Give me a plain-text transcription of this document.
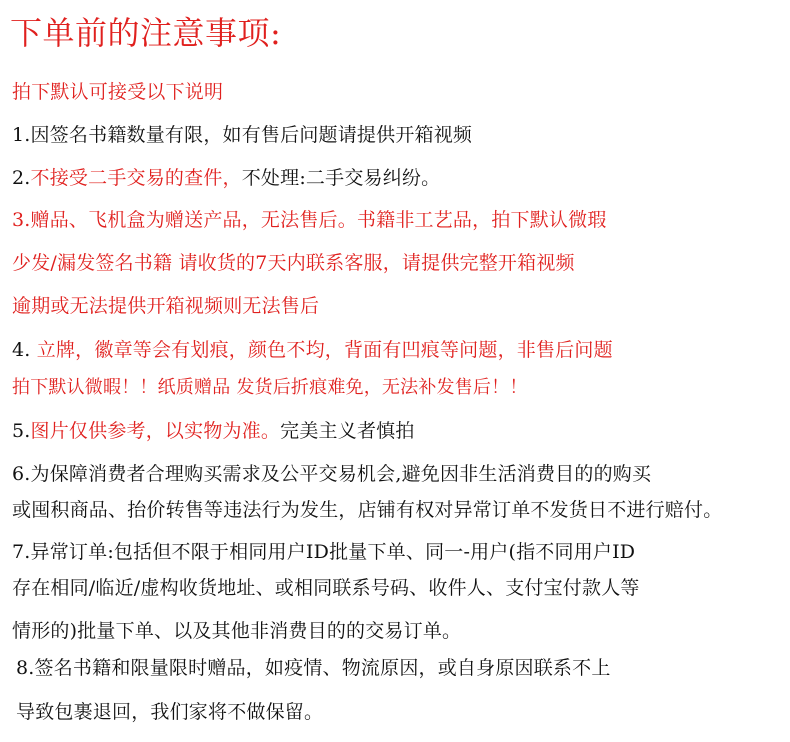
下单前的注意事项:
拍下默认可接受以下说明
1.因签名书籍数量有限，如有售后问题请提供开箱视频
2.不接受二手交易的查件，不处理:二手交易纠纷。
3.赠品、飞机盒为赠送产品，无法售后。书籍非工艺品，拍下默认微瑕
少发/漏发签名书籍 请收货的7天内联系客服，请提供完整开箱视频
逾期或无法提供开箱视频则无法售后
4. 立牌，徽章等会有划痕，颜色不均，背面有凹痕等问题，非售后问题
拍下默认微暇！！纸质赠品 发货后折痕难免，无法补发售后！！
5.图片仅供参考，以实物为准。完美主义者慎拍
6.为保障消费者合理购买需求及公平交易机会,避免因非生活消费目的的购买
或囤积商品、抬价转售等违法行为发生，店铺有权对异常订单不发货日不进行赔付。
7.异常订单:包括但不限于相同用户ID批量下单、同一-用户(指不同用户ID
存在相同/临近/虚构收货地址、或相同联系号码、收件人、支付宝付款人等
情形的)批量下单、以及其他非消费目的的交易订单。
8.签名书籍和限量限时赠品，如疫情、物流原因，或自身原因联系不上
导致包裹退回，我们家将不做保留。
